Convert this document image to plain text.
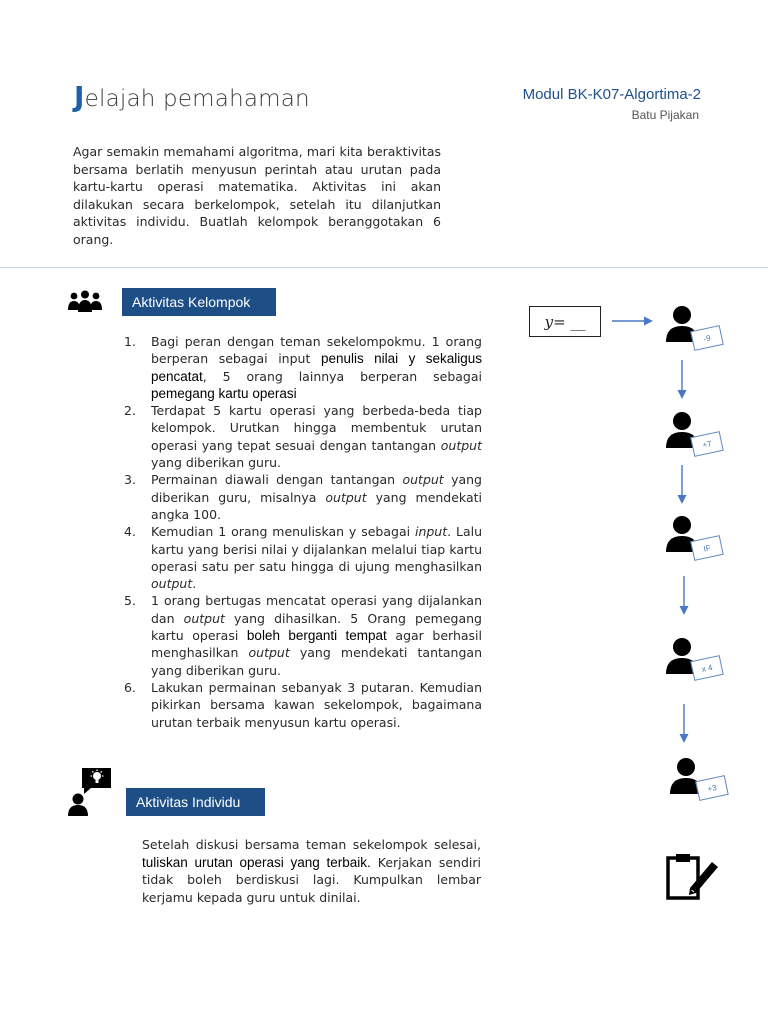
Jelajah pemahaman	Modul BK-K07-Algortima-2
Batu Pijakan
Agar semakin memahami algoritma, mari kita beraktivitas bersama berlatih menyusun perintah atau urutan pada kartu-kartu operasi matematika. Aktivitas ini akan dilakukan secara berkelompok, setelah itu dilanjutkan aktivitas individu. Buatlah kelompok beranggotakan 6 orang.
Aktivitas Kelompok
1. Bagi peran dengan teman sekelompokmu. 1 orang berperan sebagai input penulis nilai y sekaligus pencatat, 5 orang lainnya berperan sebagai pemegang kartu operasi
2. Terdapat 5 kartu operasi yang berbeda-beda tiap kelompok. Urutkan hingga membentuk urutan operasi yang tepat sesuai dengan tantangan output yang diberikan guru.
3. Permainan diawali dengan tantangan output yang diberikan guru, misalnya output yang mendekati angka 100.
4. Kemudian 1 orang menuliskan y sebagai input. Lalu kartu yang berisi nilai y dijalankan melalui tiap kartu operasi satu per satu hingga di ujung menghasilkan output.
5. 1 orang bertugas mencatat operasi yang dijalankan dan output yang dihasilkan. 5 Orang pemegang kartu operasi boleh berganti tempat agar berhasil menghasilkan output yang mendekati tantangan yang diberikan guru.
6. Lakukan permainan sebanyak 3 putaran. Kemudian pikirkan bersama kawan sekelompok, bagaimana urutan terbaik menyusun kartu operasi.
Aktivitas Individu
Setelah diskusi bersama teman sekelompok selesai, tuliskan urutan operasi yang terbaik. Kerjakan sendiri tidak boleh berdiskusi lagi. Kumpulkan lembar kerjamu kepada guru untuk dinilai.
y = __
-9
+7
IF
x 4
+3
